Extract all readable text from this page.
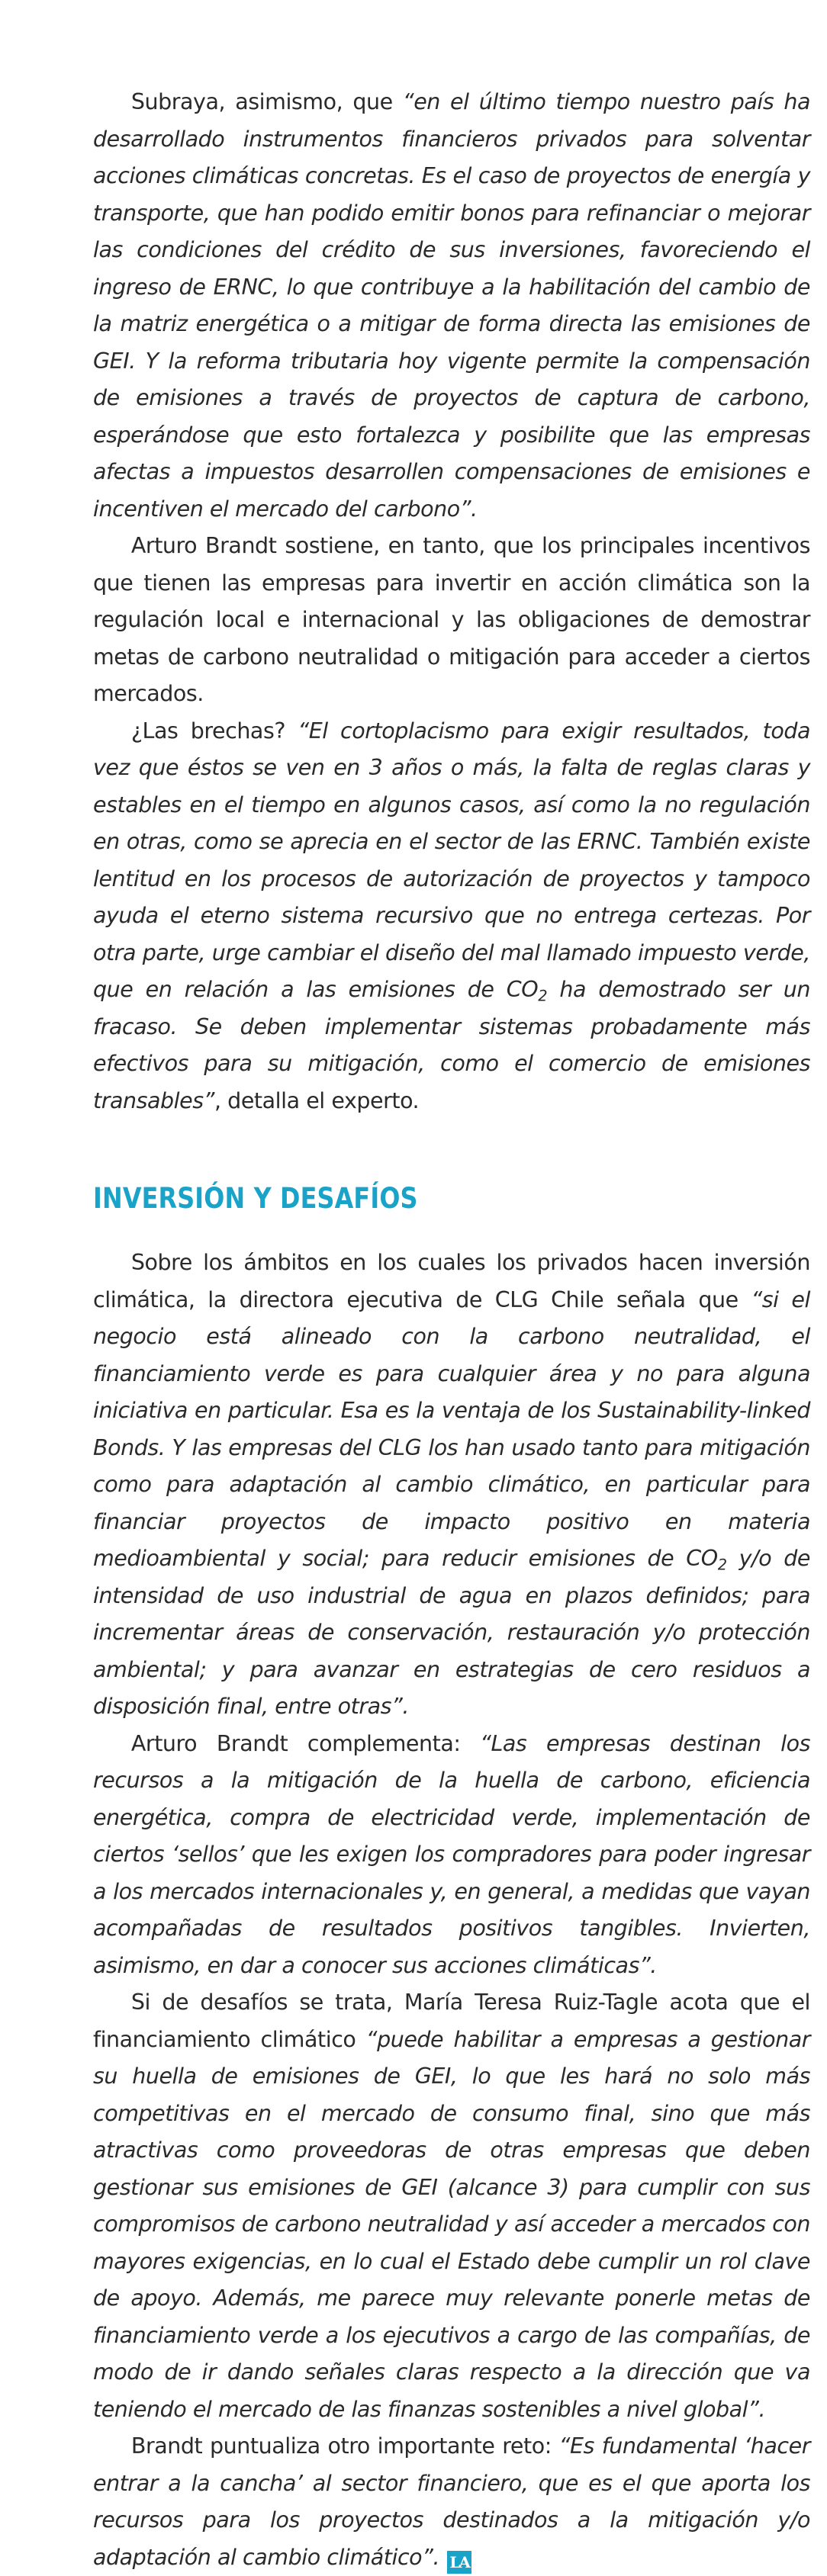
Subraya, asimismo, que “en el último tiempo nuestro país ha desarrollado instrumentos financieros privados para solventar acciones climáticas concretas. Es el caso de proyectos de energía y transporte, que han podido emitir bonos para refinanciar o mejorar las condiciones del crédito de sus inversiones, favoreciendo el ingreso de ERNC, lo que contribuye a la habilitación del cambio de la matriz energética o a mitigar de forma directa las emisiones de GEI. Y la reforma tributaria hoy vigente permite la compensación de emisiones a través de proyectos de captura de carbono, esperándose que esto fortalezca y posibilite que las empresas afectas a impuestos desarrollen compensaciones de emisiones e incentiven el mercado del carbono”.

Arturo Brandt sostiene, en tanto, que los principales incentivos que tienen las empresas para invertir en acción climática son la regulación local e internacional y las obligaciones de demostrar metas de carbono neutralidad o mitigación para acceder a ciertos mercados.

¿Las brechas? “El cortoplacismo para exigir resultados, toda vez que éstos se ven en 3 años o más, la falta de reglas claras y estables en el tiempo en algunos casos, así como la no regulación en otras, como se aprecia en el sector de las ERNC. También existe lentitud en los procesos de autorización de proyectos y tampoco ayuda el eterno sistema recursivo que no entrega certezas. Por otra parte, urge cambiar el diseño del mal llamado impuesto verde, que en relación a las emisiones de $CO_2$ ha demostrado ser un fracaso. Se deben implementar sistemas probadamente más efectivos para su mitigación, como el comercio de emisiones transables”, detalla el experto.

INVERSIÓN Y DESAFÍOS

Sobre los ámbitos en los cuales los privados hacen inversión climática, la directora ejecutiva de CLG Chile señala que “si el negocio está alineado con la carbono neutralidad, el financiamiento verde es para cualquier área y no para alguna iniciativa en particular. Esa es la ventaja de los Sustainability-linked Bonds. Y las empresas del CLG los han usado tanto para mitigación como para adaptación al cambio climático, en particular para financiar proyectos de impacto positivo en materia medioambiental y social; para reducir emisiones de $CO_2$ y/o de intensidad de uso industrial de agua en plazos definidos; para incrementar áreas de conservación, restauración y/o protección ambiental; y para avanzar en estrategias de cero residuos a disposición final, entre otras”.

Arturo Brandt complementa: “Las empresas destinan los recursos a la mitigación de la huella de carbono, eficiencia energética, compra de electricidad verde, implementación de ciertos ‘sellos’ que les exigen los compradores para poder ingresar a los mercados internacionales y, en general, a medidas que vayan acompañadas de resultados positivos tangibles. Invierten, asimismo, en dar a conocer sus acciones climáticas”.

Si de desafíos se trata, María Teresa Ruiz-Tagle acota que el financiamiento climático “puede habilitar a empresas a gestionar su huella de emisiones de GEI, lo que les hará no solo más competitivas en el mercado de consumo final, sino que más atractivas como proveedoras de otras empresas que deben gestionar sus emisiones de GEI (alcance 3) para cumplir con sus compromisos de carbono neutralidad y así acceder a mercados con mayores exigencias, en lo cual el Estado debe cumplir un rol clave de apoyo. Además, me parece muy relevante ponerle metas de financiamiento verde a los ejecutivos a cargo de las compañías, de modo de ir dando señales claras respecto a la dirección que va teniendo el mercado de las finanzas sostenibles a nivel global”.

Brandt puntualiza otro importante reto: “Es fundamental ‘hacer entrar a la cancha’ al sector financiero, que es el que aporta los recursos para los proyectos destinados a la mitigación y/o adaptación al cambio climático”. LA
